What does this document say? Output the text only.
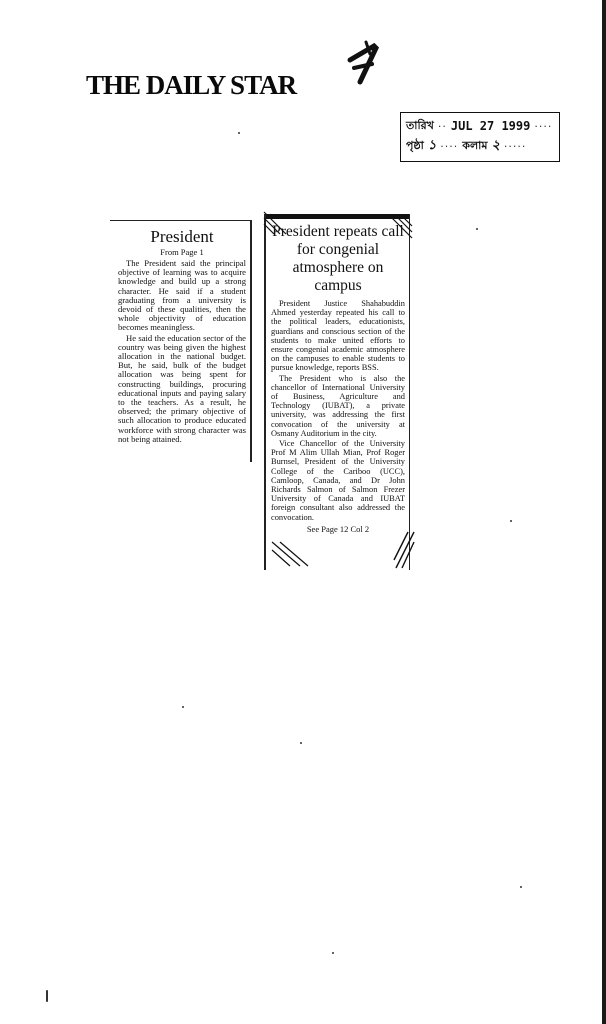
THE DAILY STAR
তারিখ ·· JUL 27 1999 ····
পৃষ্ঠা ১ ···· কলাম ২ ·····
President
From Page 1

The President said the principal objective of learning was to acquire knowledge and build up a strong character. He said if a student graduating from a university is devoid of these qualities, then the whole objectivity of education becomes meaningless.

He said the education sector of the country was being given the highest allocation in the national budget. But, he said, bulk of the budget allocation was being spent for constructing buildings, procuring educational inputs and paying salary to the teachers. As a result, he observed; the primary objective of such allocation to produce educated workforce with strong character was not being attained.

President repeats call for congenial atmosphere on campus

President Justice Shahabuddin Ahmed yesterday repeated his call to the political leaders, educationists, guardians and conscious section of the students to make united efforts to ensure congenial academic atmosphere on the campuses to enable students to pursue knowledge, reports BSS.

The President who is also the chancellor of International University of Business, Agriculture and Technology (IUBAT), a private university, was addressing the first convocation of the university at Osmany Auditorium in the city.

Vice Chancellor of the University Prof M Alim Ullah Mian, Prof Roger Burnsel, President of the University College of the Cariboo (UCC), Camloop, Canada, and Dr John Richards Salmon of Salmon Frezer University of Canada and IUBAT foreign consultant also addressed the convocation.

See Page 12 Col 2
